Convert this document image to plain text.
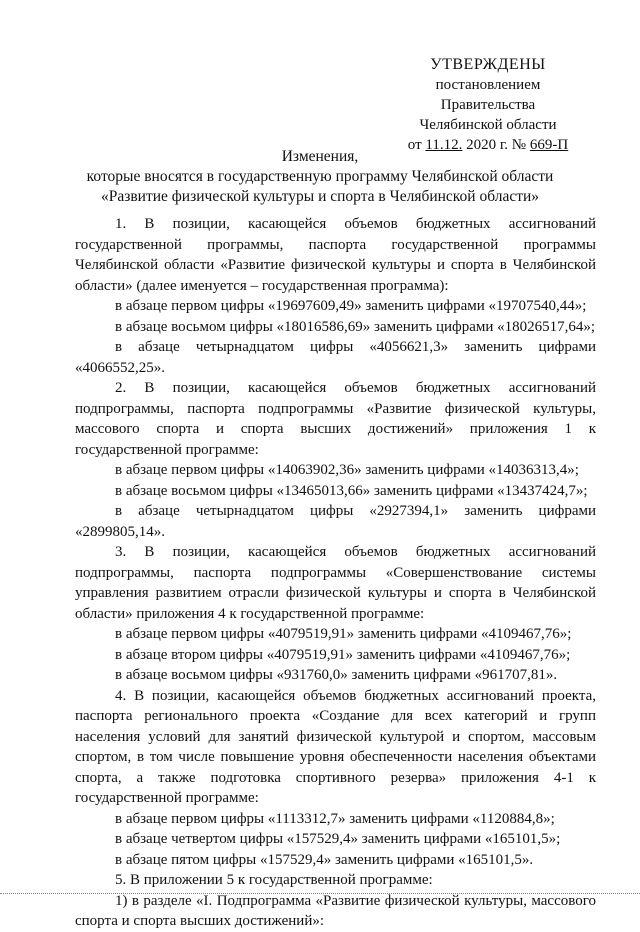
УТВЕРЖДЕНЫ
постановлением Правительства
Челябинской области
от 11.12. 2020 г. № 669-П
Изменения,
которые вносятся в государственную программу Челябинской области
«Развитие физической культуры и спорта в Челябинской области»

1. В позиции, касающейся объемов бюджетных ассигнований государственной программы, паспорта государственной программы Челябинской области «Развитие физической культуры и спорта в Челябинской области» (далее именуется – государственная программа):

в абзаце первом цифры «19697609,49» заменить цифрами «19707540,44»;

в абзаце восьмом цифры «18016586,69» заменить цифрами «18026517,64»;

в абзаце четырнадцатом цифры «4056621,3» заменить цифрами «4066552,25».

2. В позиции, касающейся объемов бюджетных ассигнований подпрограммы, паспорта подпрограммы «Развитие физической культуры, массового спорта и спорта высших достижений» приложения 1 к государственной программе:

в абзаце первом цифры «14063902,36» заменить цифрами «14036313,4»;

в абзаце восьмом цифры «13465013,66» заменить цифрами «13437424,7»;

в абзаце четырнадцатом цифры «2927394,1» заменить цифрами «2899805,14».

3. В позиции, касающейся объемов бюджетных ассигнований подпрограммы, паспорта подпрограммы «Совершенствование системы управления развитием отрасли физической культуры и спорта в Челябинской области» приложения 4 к государственной программе:

в абзаце первом цифры «4079519,91» заменить цифрами «4109467,76»;

в абзаце втором цифры «4079519,91» заменить цифрами «4109467,76»;

в абзаце восьмом цифры «931760,0» заменить цифрами «961707,81».

4. В позиции, касающейся объемов бюджетных ассигнований проекта, паспорта регионального проекта «Создание для всех категорий и групп населения условий для занятий физической культурой и спортом, массовым спортом, в том числе повышение уровня обеспеченности населения объектами спорта, а также подготовка спортивного резерва» приложения 4-1 к государственной программе:

в абзаце первом цифры «1113312,7» заменить цифрами «1120884,8»;

в абзаце четвертом цифры «157529,4» заменить цифрами «165101,5»;

в абзаце пятом цифры «157529,4» заменить цифрами «165101,5».

5. В приложении 5 к государственной программе:

1) в разделе «I. Подпрограмма «Развитие физической культуры, массового спорта и спорта высших достижений»:
